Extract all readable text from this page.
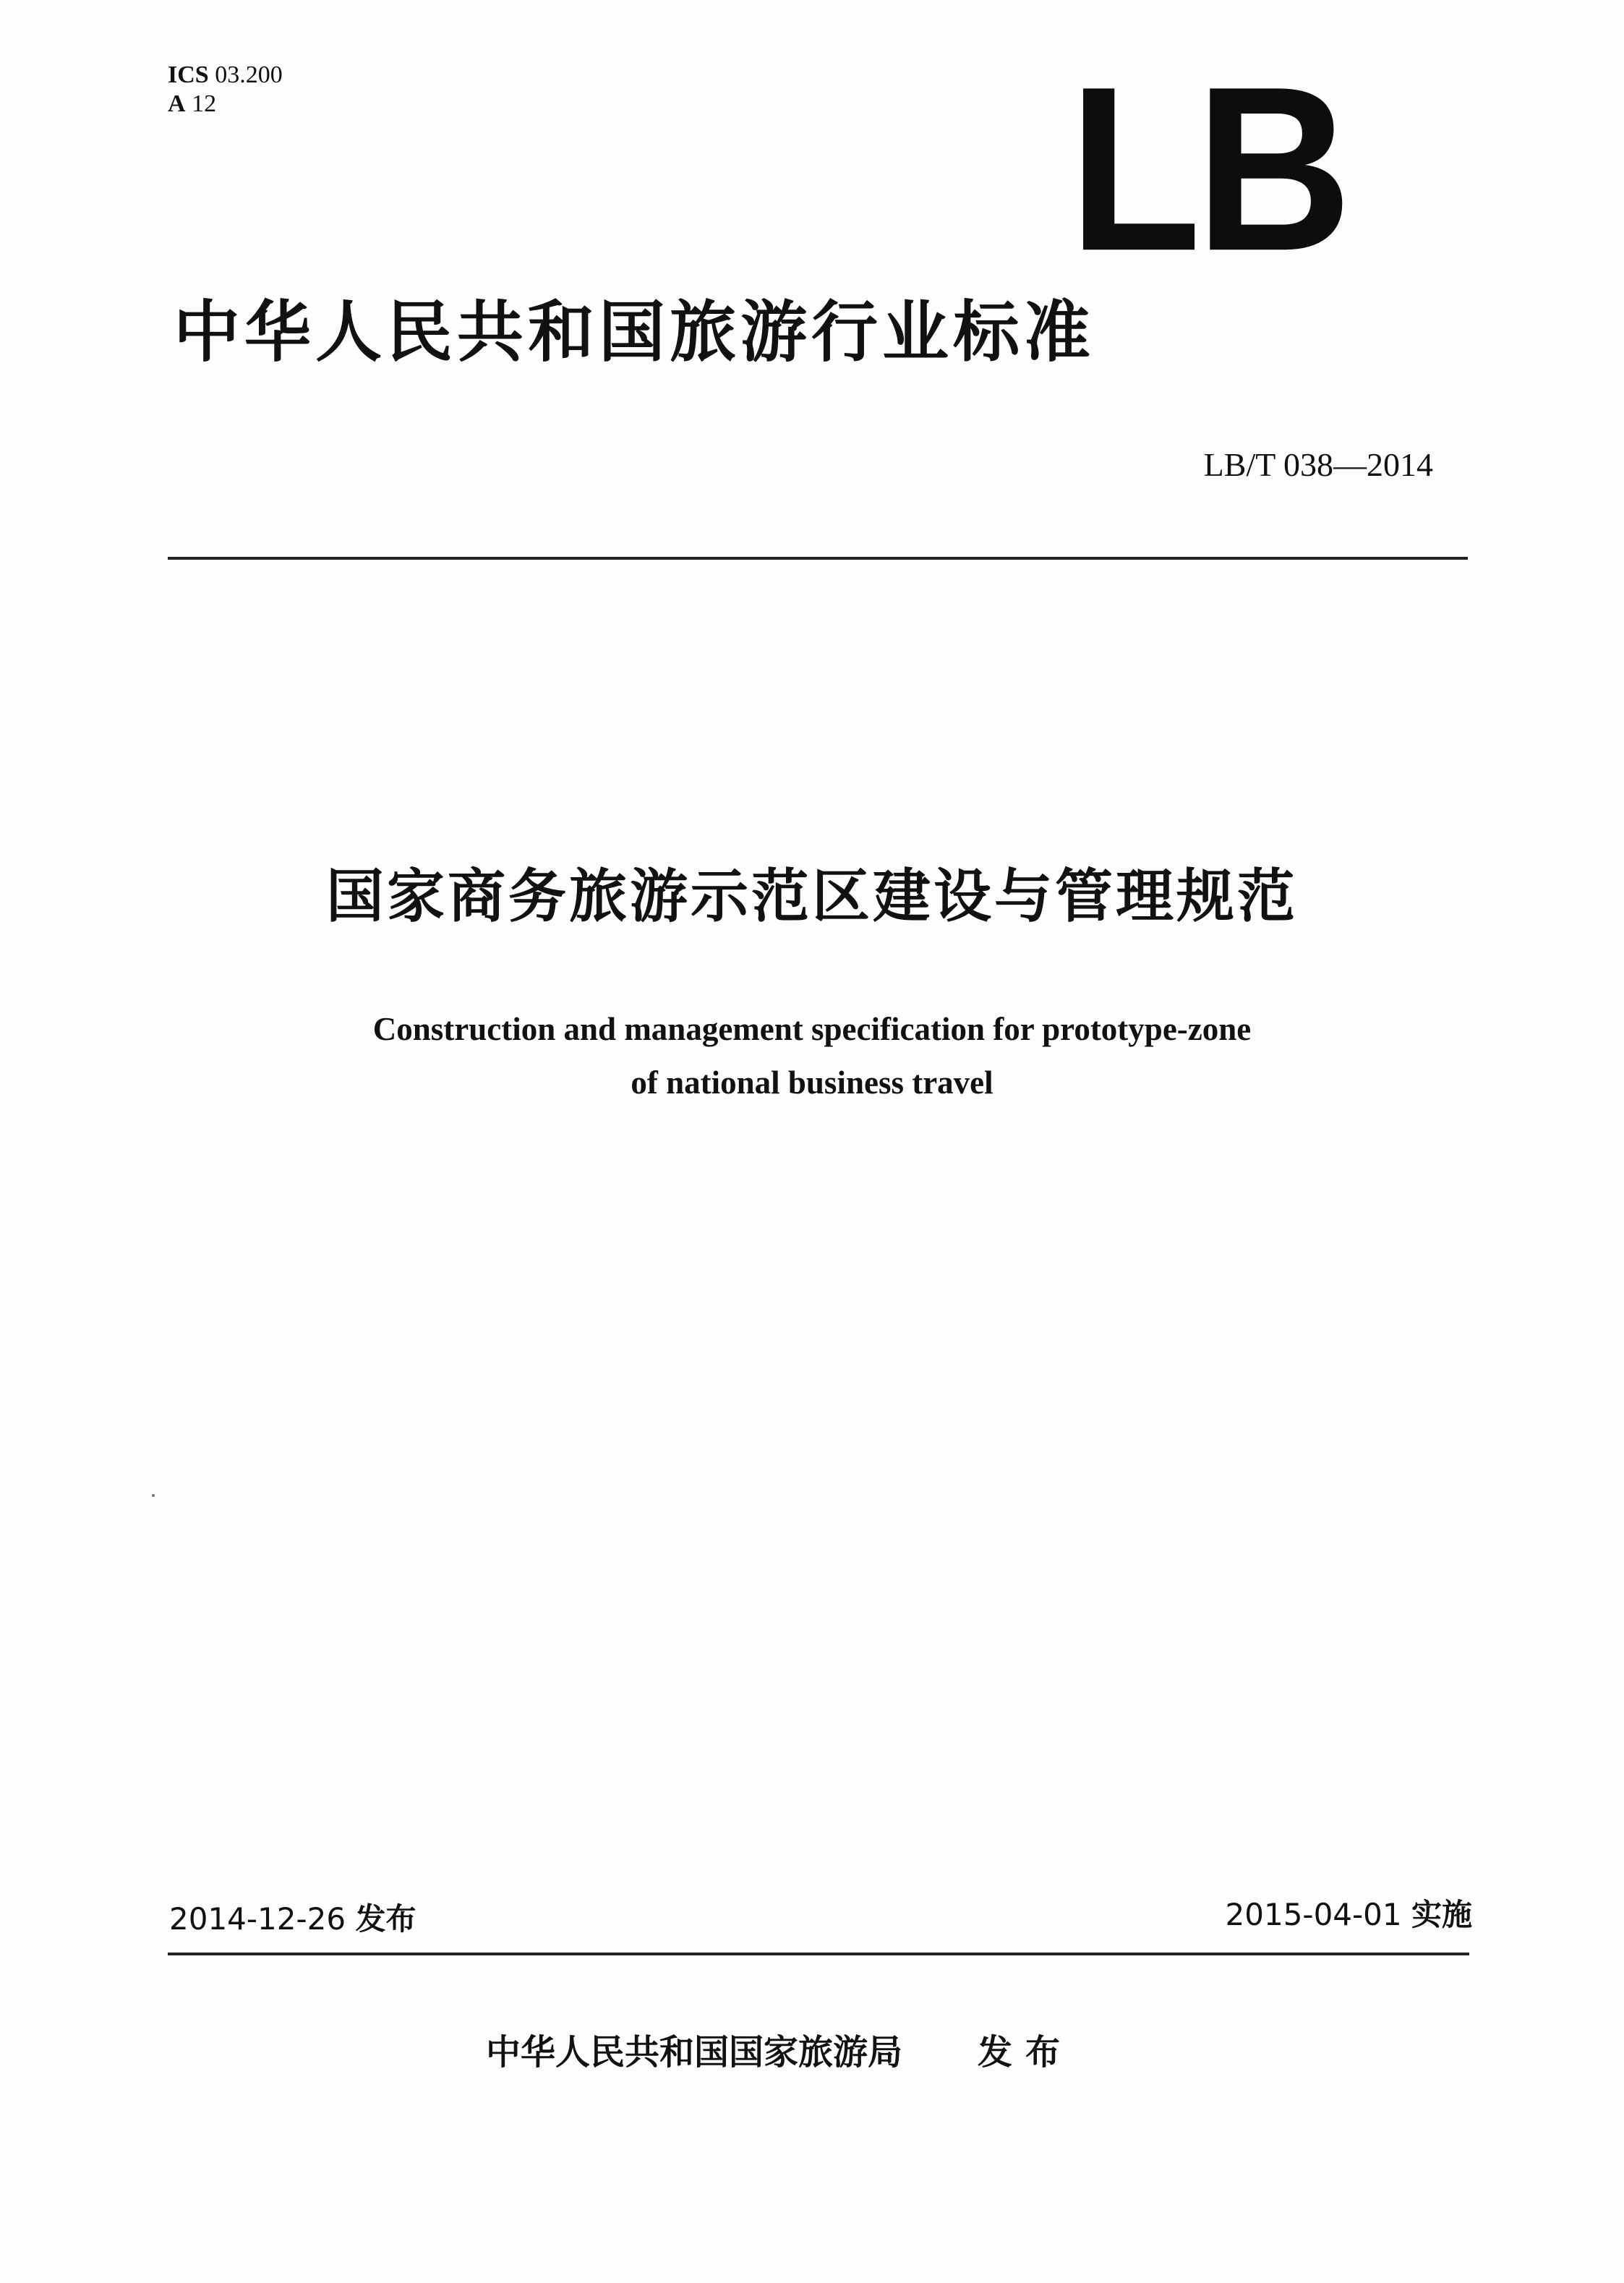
ICS 03.200
A 12	LB
中华人民共和国旅游行业标准
LB/T 038—2014
国家商务旅游示范区建设与管理规范
Construction and management specification for prototype-zone
of national business travel
2014-12-26 发布	2015-04-01 实施
中华人民共和国国家旅游局 发布
